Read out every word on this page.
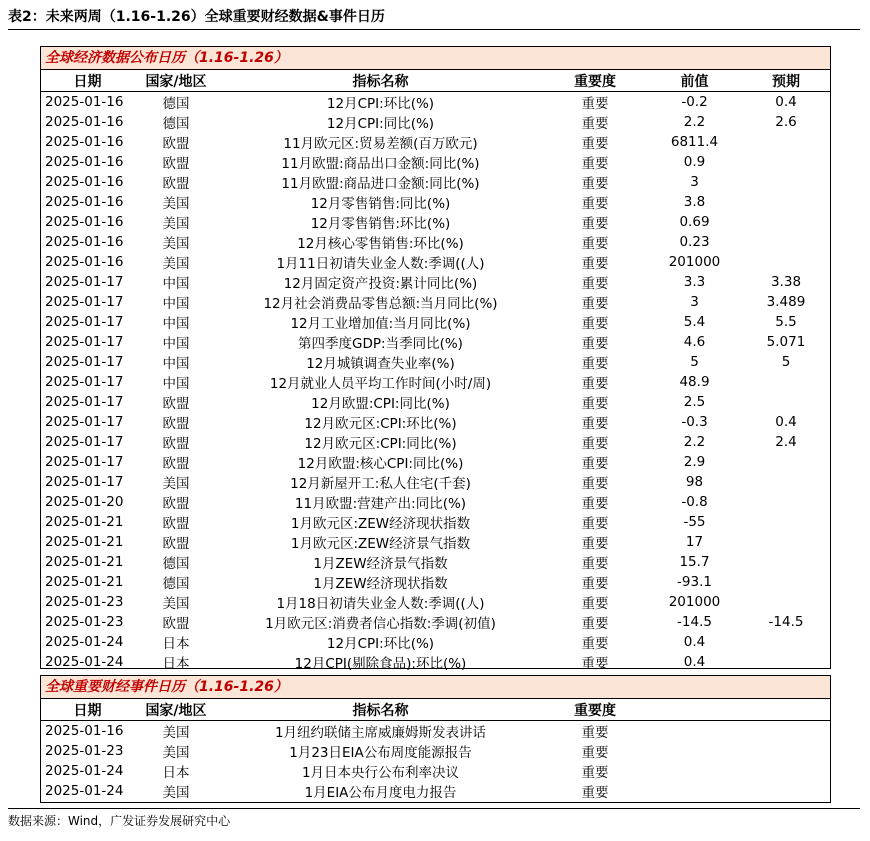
表2：未来两周（1.16-1.26）全球重要财经数据&事件日历
全球经济数据公布日历（1.16-1.26）
日期	国家/地区	指标名称	重要度	前值	预期
2025-01-16	德国	12月CPI:环比(%)	重要	-0.2	0.4
2025-01-16	德国	12月CPI:同比(%)	重要	2.2	2.6
2025-01-16	欧盟	11月欧元区:贸易差额(百万欧元)	重要	6811.4	
2025-01-16	欧盟	11月欧盟:商品出口金额:同比(%)	重要	0.9	
2025-01-16	欧盟	11月欧盟:商品进口金额:同比(%)	重要	3	
2025-01-16	美国	12月零售销售:同比(%)	重要	3.8	
2025-01-16	美国	12月零售销售:环比(%)	重要	0.69	
2025-01-16	美国	12月核心零售销售:环比(%)	重要	0.23	
2025-01-16	美国	1月11日初请失业金人数:季调((人)	重要	201000	
2025-01-17	中国	12月固定资产投资:累计同比(%)	重要	3.3	3.38
2025-01-17	中国	12月社会消费品零售总额:当月同比(%)	重要	3	3.489
2025-01-17	中国	12月工业增加值:当月同比(%)	重要	5.4	5.5
2025-01-17	中国	第四季度GDP:当季同比(%)	重要	4.6	5.071
2025-01-17	中国	12月城镇调查失业率(%)	重要	5	5
2025-01-17	中国	12月就业人员平均工作时间(小时/周)	重要	48.9	
2025-01-17	欧盟	12月欧盟:CPI:同比(%)	重要	2.5	
2025-01-17	欧盟	12月欧元区:CPI:环比(%)	重要	-0.3	0.4
2025-01-17	欧盟	12月欧元区:CPI:同比(%)	重要	2.2	2.4
2025-01-17	欧盟	12月欧盟:核心CPI:同比(%)	重要	2.9	
2025-01-17	美国	12月新屋开工:私人住宅(千套)	重要	98	
2025-01-20	欧盟	11月欧盟:营建产出:同比(%)	重要	-0.8	
2025-01-21	欧盟	1月欧元区:ZEW经济现状指数	重要	-55	
2025-01-21	欧盟	1月欧元区:ZEW经济景气指数	重要	17	
2025-01-21	德国	1月ZEW经济景气指数	重要	15.7	
2025-01-21	德国	1月ZEW经济现状指数	重要	-93.1	
2025-01-23	美国	1月18日初请失业金人数:季调((人)	重要	201000	
2025-01-23	欧盟	1月欧元区:消费者信心指数:季调(初值)	重要	-14.5	-14.5
2025-01-24	日本	12月CPI:环比(%)	重要	0.4	
2025-01-24	日本	12月CPI(剔除食品):环比(%)	重要	0.4	
全球重要财经事件日历（1.16-1.26）
日期	国家/地区	指标名称	重要度		
2025-01-16	美国	1月纽约联储主席威廉姆斯发表讲话	重要		
2025-01-23	美国	1月23日EIA公布周度能源报告	重要		
2025-01-24	日本	1月日本央行公布利率决议	重要		
2025-01-24	美国	1月EIA公布月度电力报告	重要		
数据来源：Wind，广发证券发展研究中心
